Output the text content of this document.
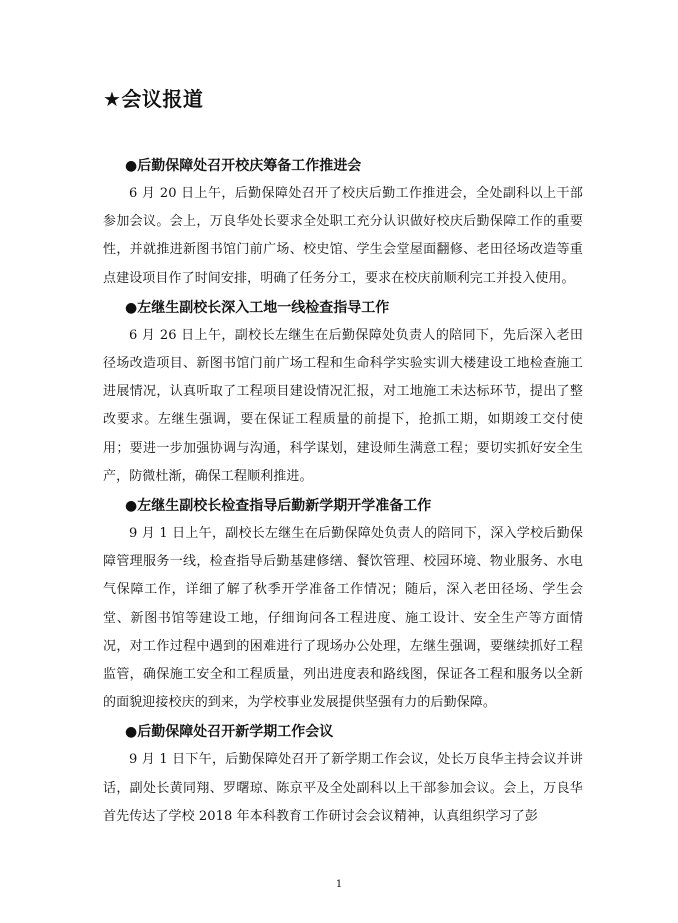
★会议报道
●后勤保障处召开校庆筹备工作推进会

6 月 20 日上午，后勤保障处召开了校庆后勤工作推进会，全处副科以上干部参加会议。会上，万良华处长要求全处职工充分认识做好校庆后勤保障工作的重要性，并就推进新图书馆门前广场、校史馆、学生会堂屋面翻修、老田径场改造等重点建设项目作了时间安排，明确了任务分工，要求在校庆前顺利完工并投入使用。

●左继生副校长深入工地一线检查指导工作

6 月 26 日上午，副校长左继生在后勤保障处负责人的陪同下，先后深入老田径场改造项目、新图书馆门前广场工程和生命科学实验实训大楼建设工地检查施工进展情况，认真听取了工程项目建设情况汇报，对工地施工未达标环节，提出了整改要求。左继生强调，要在保证工程质量的前提下，抢抓工期，如期竣工交付使用；要进一步加强协调与沟通，科学谋划，建设师生满意工程；要切实抓好安全生产，防微杜渐，确保工程顺利推进。

●左继生副校长检查指导后勤新学期开学准备工作

9 月 1 日上午，副校长左继生在后勤保障处负责人的陪同下，深入学校后勤保障管理服务一线，检查指导后勤基建修缮、餐饮管理、校园环境、物业服务、水电气保障工作，详细了解了秋季开学准备工作情况；随后，深入老田径场、学生会堂、新图书馆等建设工地，仔细询问各工程进度、施工设计、安全生产等方面情况，对工作过程中遇到的困难进行了现场办公处理，左继生强调，要继续抓好工程监管，确保施工安全和工程质量，列出进度表和路线图，保证各工程和服务以全新的面貌迎接校庆的到来，为学校事业发展提供坚强有力的后勤保障。

●后勤保障处召开新学期工作会议

9 月 1 日下午，后勤保障处召开了新学期工作会议，处长万良华主持会议并讲话，副处长黄同翔、罗曙琼、陈京平及全处副科以上干部参加会议。会上，万良华首先传达了学校 2018 年本科教育工作研讨会会议精神，认真组织学习了彭

1
